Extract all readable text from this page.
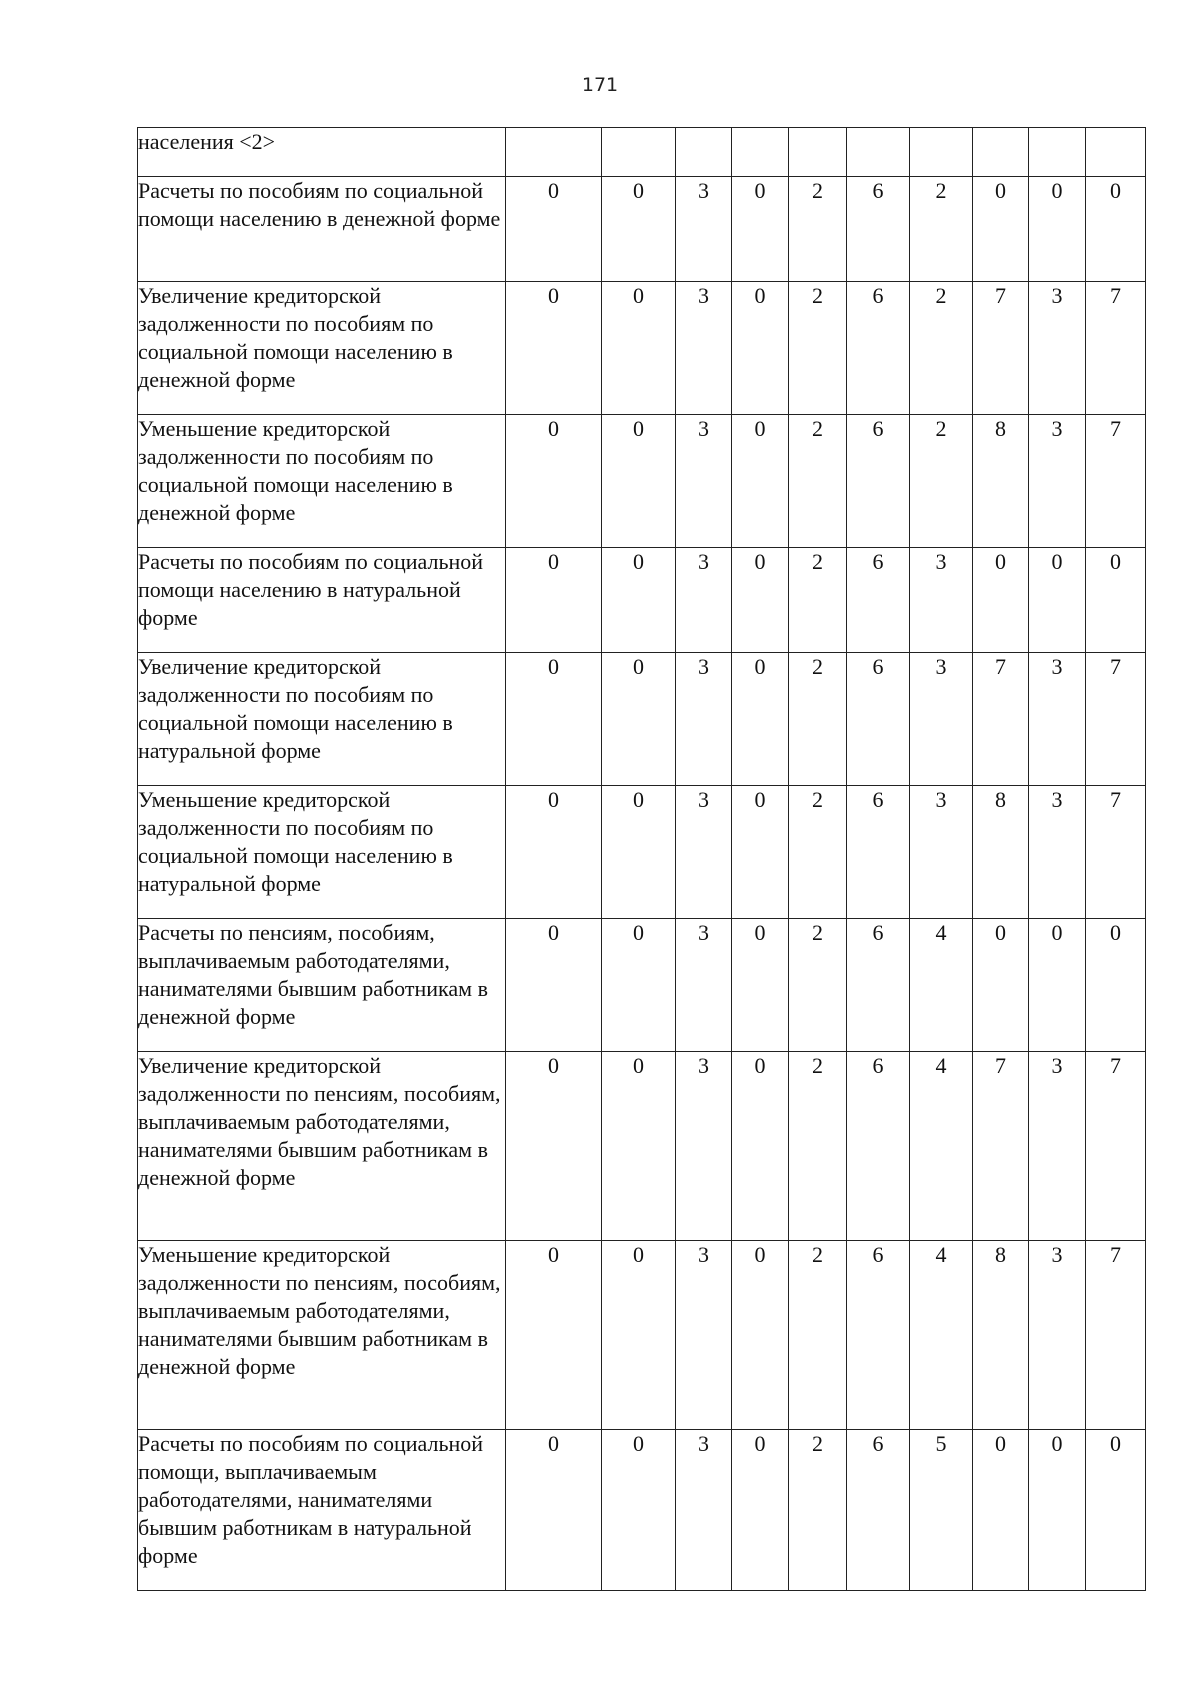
171
населения <2>										
Расчеты по пособиям по социальной помощи населению в денежной форме	0	0	3	0	2	6	2	0	0	0
Увеличение кредиторской задолженности по пособиям по социальной помощи населению в денежной форме	0	0	3	0	2	6	2	7	3	7
Уменьшение кредиторской задолженности по пособиям по социальной помощи населению в денежной форме	0	0	3	0	2	6	2	8	3	7
Расчеты по пособиям по социальной помощи населению в натуральной форме	0	0	3	0	2	6	3	0	0	0
Увеличение кредиторской задолженности по пособиям по социальной помощи населению в натуральной форме	0	0	3	0	2	6	3	7	3	7
Уменьшение кредиторской задолженности по пособиям по социальной помощи населению в натуральной форме	0	0	3	0	2	6	3	8	3	7
Расчеты по пенсиям, пособиям, выплачиваемым работодателями, нанимателями бывшим работникам в денежной форме	0	0	3	0	2	6	4	0	0	0
Увеличение кредиторской задолженности по пенсиям, пособиям, выплачиваемым работодателями, нанимателями бывшим работникам в денежной форме	0	0	3	0	2	6	4	7	3	7
Уменьшение кредиторской задолженности по пенсиям, пособиям, выплачиваемым работодателями, нанимателями бывшим работникам в денежной форме	0	0	3	0	2	6	4	8	3	7
Расчеты по пособиям по социальной помощи, выплачиваемым работодателями, нанимателями бывшим работникам в натуральной форме	0	0	3	0	2	6	5	0	0	0
